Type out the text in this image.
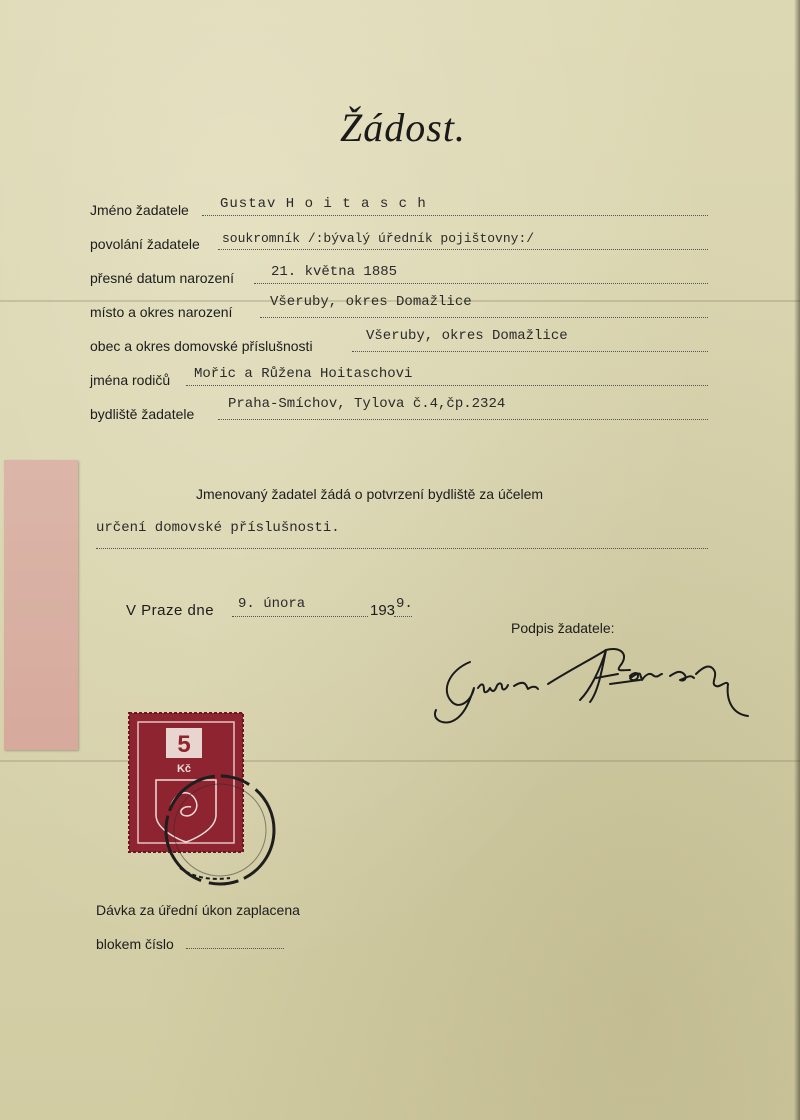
Žádost.
Jméno žadatele Gustav H o i t a s c h
povolání žadatele soukromník /:bývalý úředník pojištovny:/
přesné datum narození	21. května 1885
místo a okres narození
Všeruby, okres Domažlice
obec a okres domovské příslušnosti
Všeruby, okres Domažlice
jména rodičů Mořic a Růžena Hoitaschovi
bydliště žadatele
Praha-Smíchov, Tylova č.4,čp.2324
Jmenovaný žadatel žádá o potvrzení bydliště za účelem
určení domovské příslušnosti.
V Praze dne 9. února	193 9.
Podpis žadatele:
5
Kč
Dávka za úřední úkon zaplacena
blokem číslo
